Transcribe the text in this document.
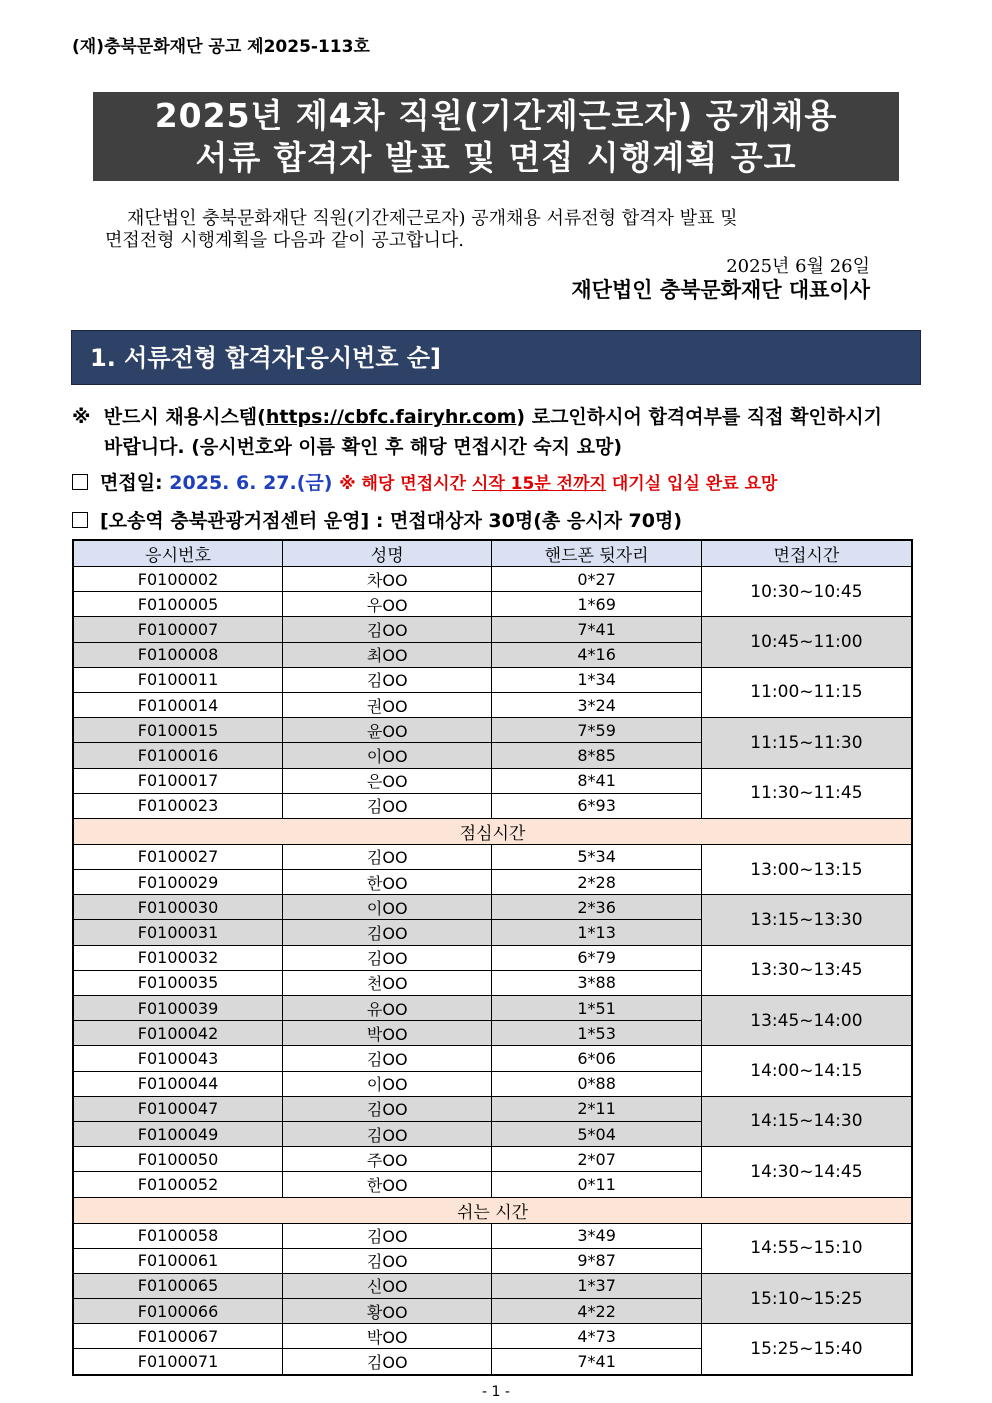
(재)충북문화재단 공고 제2025-113호
2025년 제4차 직원(기간제근로자) 공개채용
서류 합격자 발표 및 면접 시행계획 공고
재단법인 충북문화재단 직원(기간제근로자) 공개채용 서류전형 합격자 발표 및
면접전형 시행계획을 다음과 같이 공고합니다.
2025년 6월 26일
재단법인 충북문화재단 대표이사
1. 서류전형 합격자[응시번호 순]
※ 반드시 채용시스템(https://cbfc.fairyhr.com) 로그인하시어 합격여부를 직접 확인하시기
바랍니다. (응시번호와 이름 확인 후 해당 면접시간 숙지 요망)
면접일: 2025. 6. 27.(금) ※ 해당 면접시간 시작 15분 전까지 대기실 입실 완료 요망
[오송역 충북관광거점센터 운영] : 면접대상자 30명(총 응시자 70명)
응시번호	성명	핸드폰 뒷자리	면접시간
F0100002	차OO	0*27	10:30~10:45
F0100005	우OO	1*69	
F0100007	김OO	7*41	10:45~11:00
F0100008	최OO	4*16	
F0100011	김OO	1*34	11:00~11:15
F0100014	권OO	3*24	
F0100015	윤OO	7*59	11:15~11:30
F0100016	이OO	8*85	
F0100017	은OO	8*41	11:30~11:45
F0100023	김OO	6*93	
점심시간			
F0100027	김OO	5*34	13:00~13:15
F0100029	한OO	2*28	
F0100030	이OO	2*36	13:15~13:30
F0100031	김OO	1*13	
F0100032	김OO	6*79	13:30~13:45
F0100035	천OO	3*88	
F0100039	유OO	1*51	13:45~14:00
F0100042	박OO	1*53	
F0100043	김OO	6*06	14:00~14:15
F0100044	이OO	0*88	
F0100047	김OO	2*11	14:15~14:30
F0100049	김OO	5*04	
F0100050	주OO	2*07	14:30~14:45
F0100052	한OO	0*11	
쉬는 시간			
F0100058	김OO	3*49	14:55~15:10
F0100061	김OO	9*87	
F0100065	신OO	1*37	15:10~15:25
F0100066	황OO	4*22	
F0100067	박OO	4*73	15:25~15:40
F0100071	김OO	7*41	
- 1 -
